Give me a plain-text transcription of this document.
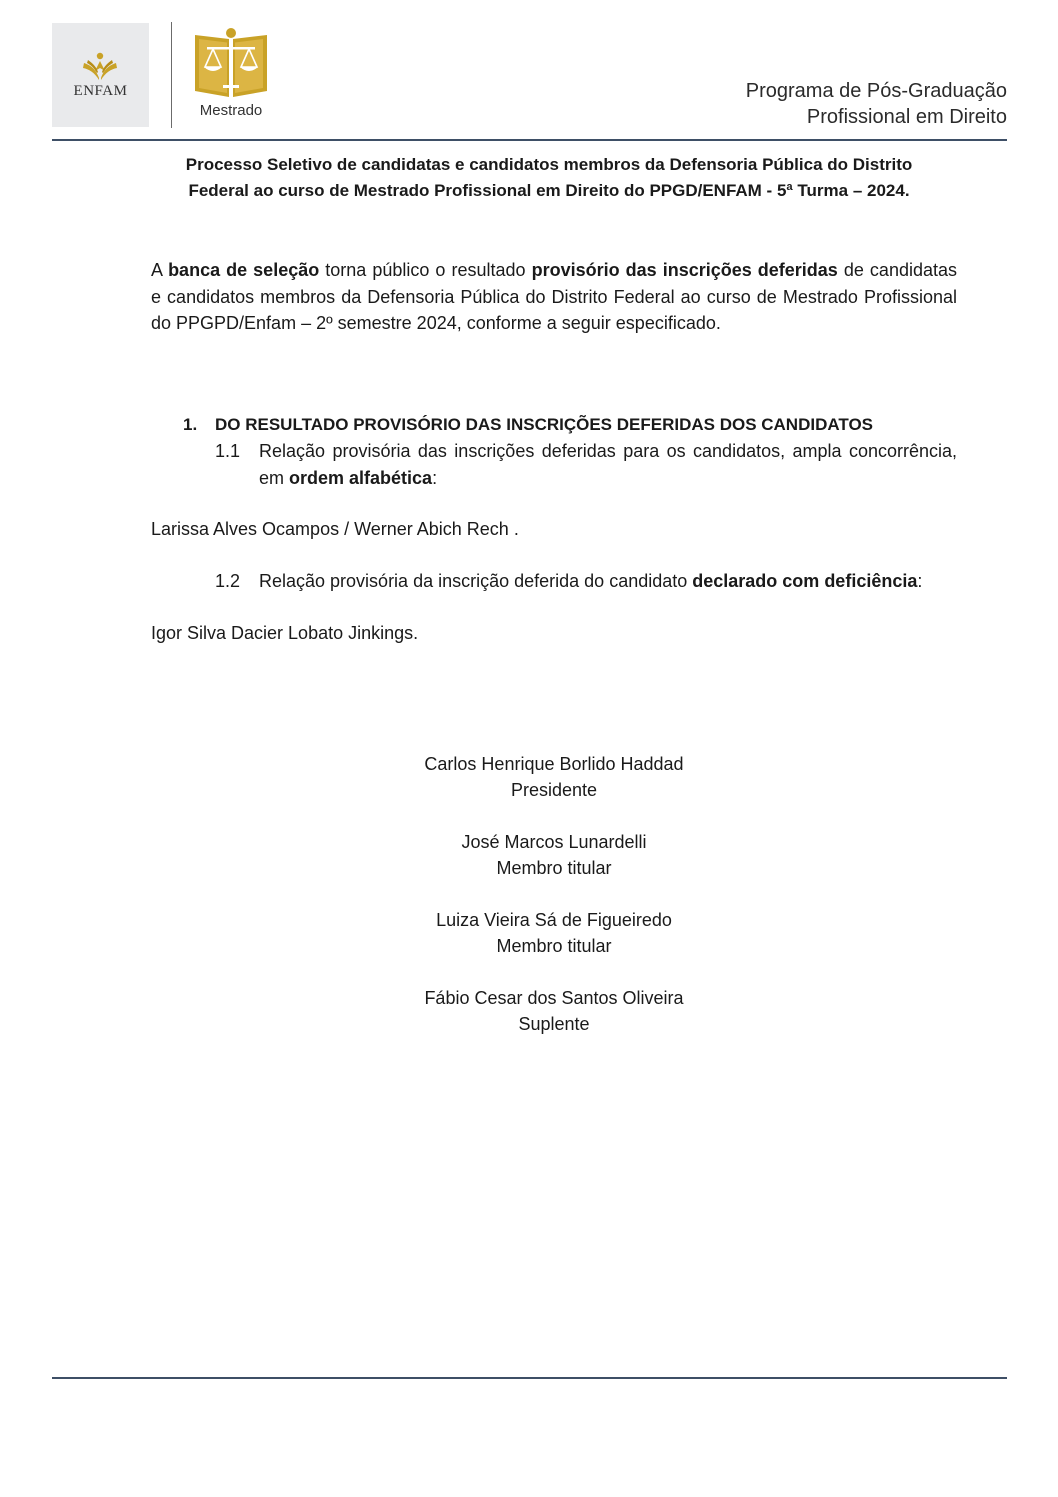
ENFAM
Mestrado
Programa de Pós-Graduação
Profissional em Direito
Processo Seletivo de candidatas e candidatos membros da Defensoria Pública do Distrito
Federal ao curso de Mestrado Profissional em Direito do PPGD/ENFAM - 5ª Turma – 2024.
A banca de seleção torna público o resultado provisório das inscrições deferidas de candidatas e candidatos membros da Defensoria Pública do Distrito Federal ao curso de Mestrado Profissional do PPGPD/Enfam – 2º semestre 2024, conforme a seguir especificado.
1. DO RESULTADO PROVISÓRIO DAS INSCRIÇÕES DEFERIDAS DOS CANDIDATOS
1.1 Relação provisória das inscrições deferidas para os candidatos, ampla concorrência, em ordem alfabética:
Larissa Alves Ocampos / Werner Abich Rech .
1.2 Relação provisória da inscrição deferida do candidato declarado com deficiência:
Igor Silva Dacier Lobato Jinkings.
Carlos Henrique Borlido Haddad
Presidente
José Marcos Lunardelli
Membro titular
Luiza Vieira Sá de Figueiredo
Membro titular
Fábio Cesar dos Santos Oliveira
Suplente
